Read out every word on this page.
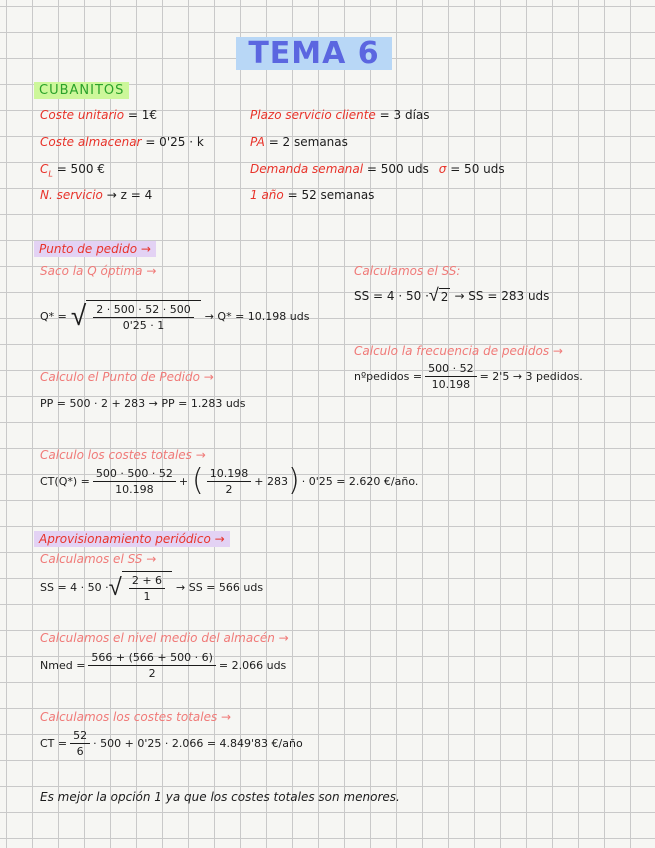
TEMA 6
CUBANITOS
Coste unitario = 1€
Coste almacenar = 0'25 · k
$C_L = 500$ €
N. servicio → z = 4
Plazo servicio cliente = 3 días
PA = 2 semanas
Demanda semanal = 500 uds σ = 50 uds
1 año = 52 semanas
Punto de pedido →
Saco la Q óptima →
Q* = √ $\frac{2 \cdot 500 \cdot 52 \cdot 500}{0'25 \cdot 1} \to Q* = 10.198$ uds
Calculamos el SS:
SS = 4 · 50 · √ 2 → SS = 283 uds
Calculo la frecuencia de pedidos →
nºpedidos = $\frac{500 \cdot 52}{10.198} = 2'5 \to 3$ pedidos.
Calculo el Punto de Pedido →
PP = 500 · 2 + 283 → PP = 1.283 uds
Calculo los costes totales →
$CT(Q*) = \frac{500 \cdot 500 \cdot 52}{10.198}$ + ( $\frac{10.198}{2} + 283$ ) · 0'25 = 2.620 €/año.
Aprovisionamiento periódico →
Calculamos el SS →
SS = 4 · 50 · √ $\frac{2 + 6}{1}$ → SS = 566 uds
Calculamos el nivel medio del almacén →
Nmed = $\frac{566 + (566 + 500 \cdot 6)}{2} = 2.066$ uds
Calculamos los costes totales →
CT = $\frac{52}{6} \cdot 500 + 0'25 \cdot 2.066 = 4.849'83$ €/año
Es mejor la opción 1 ya que los costes totales son menores.
